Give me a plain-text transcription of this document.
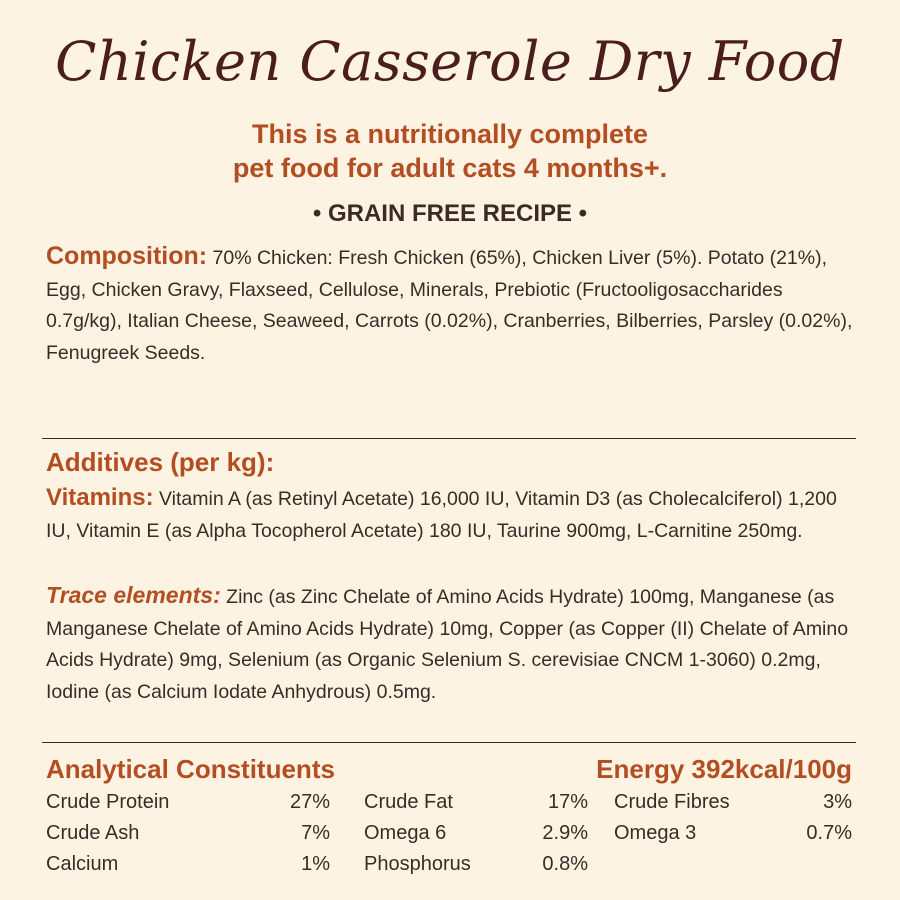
Chicken Casserole Dry Food
This is a nutritionally complete
pet food for adult cats 4 months+.
• GRAIN FREE RECIPE •
Composition: 70% Chicken: Fresh Chicken (65%), Chicken Liver (5%). Potato (21%), Egg, Chicken Gravy, Flaxseed, Cellulose, Minerals, Prebiotic (Fructooligosaccharides 0.7g/kg), Italian Cheese, Seaweed, Carrots (0.02%), Cranberries, Bilberries, Parsley (0.02%), Fenugreek Seeds.
Additives (per kg):
Vitamins: Vitamin A (as Retinyl Acetate) 16,000 IU, Vitamin D3 (as Cholecalciferol) 1,200 IU, Vitamin E (as Alpha Tocopherol Acetate) 180 IU, Taurine 900mg, L-Carnitine 250mg.
Trace elements: Zinc (as Zinc Chelate of Amino Acids Hydrate) 100mg, Manganese (as Manganese Chelate of Amino Acids Hydrate) 10mg, Copper (as Copper (II) Chelate of Amino Acids Hydrate) 9mg, Selenium (as Organic Selenium S. cerevisiae CNCM 1-3060) 0.2mg, Iodine (as Calcium Iodate Anhydrous) 0.5mg.
Analytical Constituents	Energy 392kcal/100g
Crude Protein	27% Crude Fat	17% Crude Fibres	3%
Crude Ash	7% Omega 6	2.9% Omega 3	0.7%
Calcium	1% Phosphorus	0.8%
